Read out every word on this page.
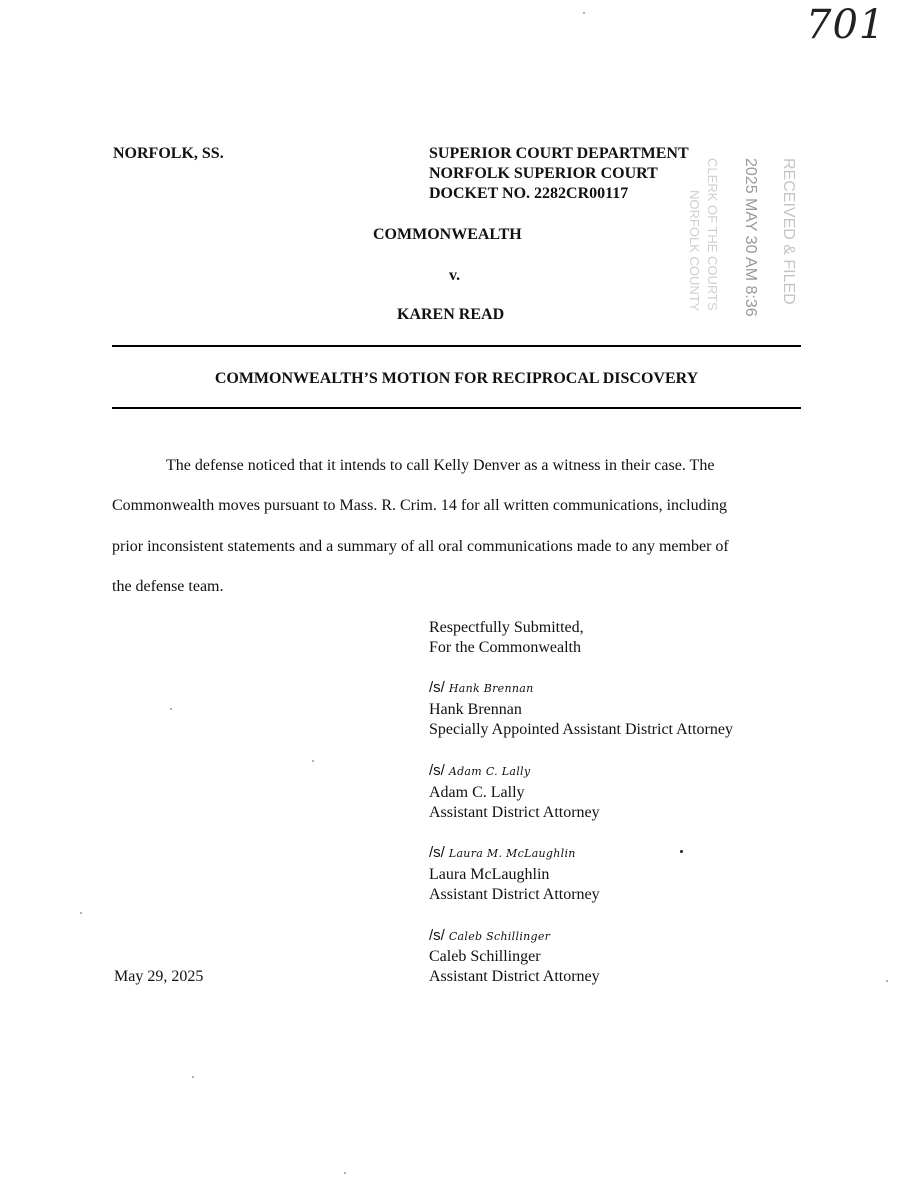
701
NORFOLK, SS.	SUPERIOR COURT DEPARTMENT
NORFOLK SUPERIOR COURT
DOCKET NO. 2282CR00117
COMMONWEALTH
v.
KAREN READ	2025 MAY 30 AM 8:36 RECEIVED & FILED
CLERK OF THE COURTS
NORFOLK COUNTY
COMMONWEALTH’S MOTION FOR RECIPROCAL DISCOVERY
The defense noticed that it intends to call Kelly Denver as a witness in their case. The
Commonwealth moves pursuant to Mass. R. Crim. 14 for all written communications, including
prior inconsistent statements and a summary of all oral communications made to any member of
the defense team.
Respectfully Submitted,
For the Commonwealth
/s/ Hank Brennan
Hank Brennan
Specially Appointed Assistant District Attorney
/s/ Adam C. Lally
Adam C. Lally
Assistant District Attorney
/s/ Laura M. McLaughlin
Laura McLaughlin
Assistant District Attorney
/s/ Caleb Schillinger
Caleb Schillinger
Assistant District Attorney
May 29, 2025
